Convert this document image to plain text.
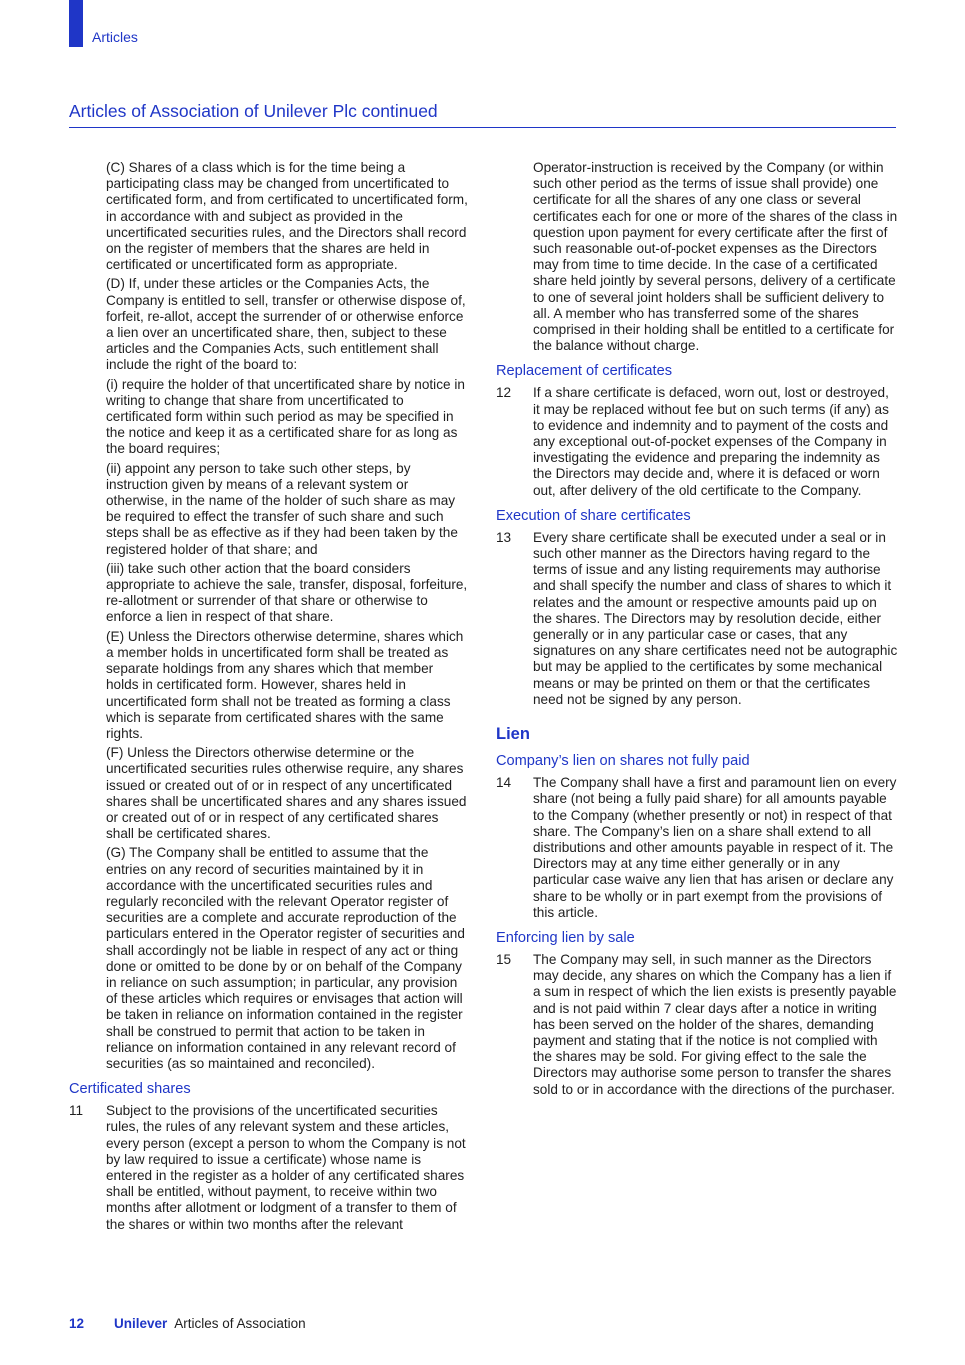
Articles
Articles of Association of Unilever Plc continued

(C) Shares of a class which is for the time being a participating class may be changed from uncertificated to certificated form, and from certificated to uncertificated form, in accordance with and subject as provided in the uncertificated securities rules, and the Directors shall record on the register of members that the shares are held in certificated or uncertificated form as appropriate.

(D) If, under these articles or the Companies Acts, the Company is entitled to sell, transfer or otherwise dispose of, forfeit, re-allot, accept the surrender of or otherwise enforce a lien over an uncertificated share, then, subject to these articles and the Companies Acts, such entitlement shall include the right of the board to:

(i) require the holder of that uncertificated share by notice in writing to change that share from uncertificated to certificated form within such period as may be specified in the notice and keep it as a certificated share for as long as the board requires;

(ii) appoint any person to take such other steps, by instruction given by means of a relevant system or otherwise, in the name of the holder of such share as may be required to effect the transfer of such share and such steps shall be as effective as if they had been taken by the registered holder of that share; and

(iii) take such other action that the board considers appropriate to achieve the sale, transfer, disposal, forfeiture, re-allotment or surrender of that share or otherwise to enforce a lien in respect of that share.

(E) Unless the Directors otherwise determine, shares which a member holds in uncertificated form shall be treated as separate holdings from any shares which that member holds in certificated form. However, shares held in uncertificated form shall not be treated as forming a class which is separate from certificated shares with the same rights.

(F) Unless the Directors otherwise determine or the uncertificated securities rules otherwise require, any shares issued or created out of or in respect of any uncertificated shares shall be uncertificated shares and any shares issued or created out of or in respect of any certificated shares shall be certificated shares.

(G) The Company shall be entitled to assume that the entries on any record of securities maintained by it in accordance with the uncertificated securities rules and regularly reconciled with the relevant Operator register of securities are a complete and accurate reproduction of the particulars entered in the Operator register of securities and shall accordingly not be liable in respect of any act or thing done or omitted to be done by or on behalf of the Company in reliance on such assumption; in particular, any provision of these articles which requires or envisages that action will be taken in reliance on information contained in the register shall be construed to permit that action to be taken in reliance on information contained in any relevant record of securities (as so maintained and reconciled).

Certificated shares
11	Subject to the provisions of the uncertificated securities rules, the rules of any relevant system and these articles, every person (except a person to whom the Company is not by law required to issue a certificate) whose name is entered in the register as a holder of any certificated shares shall be entitled, without payment, to receive within two months after allotment or lodgment of a transfer to them of the shares or within two months after the relevant

Operator-instruction is received by the Company (or within such other period as the terms of issue shall provide) one certificate for all the shares of any one class or several certificates each for one or more of the shares of the class in question upon payment for every certificate after the first of such reasonable out-of-pocket expenses as the Directors may from time to time decide. In the case of a certificated share held jointly by several persons, delivery of a certificate to one of several joint holders shall be sufficient delivery to all. A member who has transferred some of the shares comprised in their holding shall be entitled to a certificate for the balance without charge.

Replacement of certificates
12	If a share certificate is defaced, worn out, lost or destroyed, it may be replaced without fee but on such terms (if any) as to evidence and indemnity and to payment of the costs and any exceptional out-of-pocket expenses of the Company in investigating the evidence and preparing the indemnity as the Directors may decide and, where it is defaced or worn out, after delivery of the old certificate to the Company.
Execution of share certificates
13	Every share certificate shall be executed under a seal or in such other manner as the Directors having regard to the terms of issue and any listing requirements may authorise and shall specify the number and class of shares to which it relates and the amount or respective amounts paid up on the shares. The Directors may by resolution decide, either generally or in any particular case or cases, that any signatures on any share certificates need not be autographic but may be applied to the certificates by some mechanical means or may be printed on them or that the certificates need not be signed by any person.
Lien
Company’s lien on shares not fully paid
14	The Company shall have a first and paramount lien on every share (not being a fully paid share) for all amounts payable to the Company (whether presently or not) in respect of that share. The Company’s lien on a share shall extend to all distributions and other amounts payable in respect of it. The Directors may at any time either generally or in any particular case waive any lien that has arisen or declare any share to be wholly or in part exempt from the provisions of this article.
Enforcing lien by sale
15	The Company may sell, in such manner as the Directors may decide, any shares on which the Company has a lien if a sum in respect of which the lien exists is presently payable and is not paid within 7 clear days after a notice in writing has been served on the holder of the shares, demanding payment and stating that if the notice is not complied with the shares may be sold. For giving effect to the sale the Directors may authorise some person to transfer the shares sold to or in accordance with the directions of the purchaser.
12	Unilever Articles of Association
